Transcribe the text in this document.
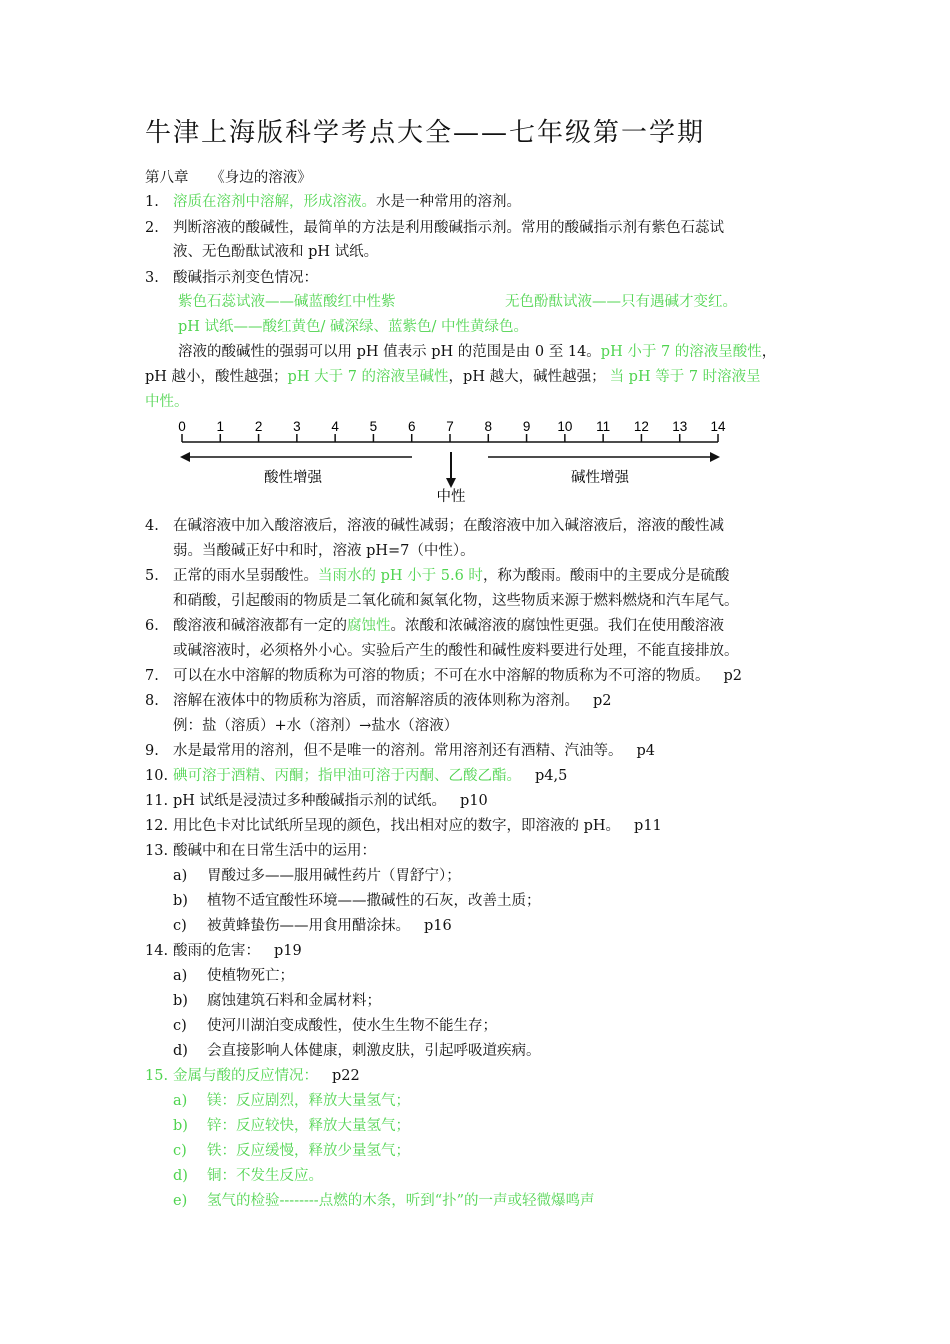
牛津上海版科学考点大全——七年级第一学期
第八章　　《身边的溶液》
1. 溶质在溶剂中溶解，形成溶液。水是一种常用的溶剂。
2. 判断溶液的酸碱性，最简单的方法是利用酸碱指示剂。常用的酸碱指示剂有紫色石蕊试
液、无色酚酞试液和 pH 试纸。
3. 酸碱指示剂变色情况：
紫色石蕊试液——碱蓝酸红中性紫	无色酚酞试液——只有遇碱才变红。
pH 试纸——酸红黄色/ 碱深绿、蓝紫色/ 中性黄绿色。
溶液的酸碱性的强弱可以用 pH 值表示 pH 的范围是由 0 至 14。pH 小于 7 的溶液呈酸性，
pH 越小，酸性越强；pH 大于 7 的溶液呈碱性，pH 越大，碱性越强； 当 pH 等于 7 时溶液呈
中性。
0 1 2 3 4 5 6 7 8 9 10 11 12 13 14
酸性增强	碱性增强
中性
4. 在碱溶液中加入酸溶液后，溶液的碱性减弱；在酸溶液中加入碱溶液后，溶液的酸性减
弱。当酸碱正好中和时，溶液 pH=7（中性）。
5. 正常的雨水呈弱酸性。当雨水的 pH 小于 5.6 时，称为酸雨。酸雨中的主要成分是硫酸
和硝酸，引起酸雨的物质是二氧化硫和氮氧化物，这些物质来源于燃料燃烧和汽车尾气。
6. 酸溶液和碱溶液都有一定的腐蚀性。浓酸和浓碱溶液的腐蚀性更强。我们在使用酸溶液
或碱溶液时，必须格外小心。实验后产生的酸性和碱性废料要进行处理，不能直接排放。
7. 可以在水中溶解的物质称为可溶的物质；不可在水中溶解的物质称为不可溶的物质。 p2
8. 溶解在液体中的物质称为溶质，而溶解溶质的液体则称为溶剂。 p2
例：盐（溶质）+水（溶剂）→盐水（溶液）
9. 水是最常用的溶剂，但不是唯一的溶剂。常用溶剂还有酒精、汽油等。 p4
10. 碘可溶于酒精、丙酮；指甲油可溶于丙酮、乙酸乙酯。 p4,5
11. pH 试纸是浸渍过多种酸碱指示剂的试纸。 p10
12. 用比色卡对比试纸所呈现的颜色，找出相对应的数字，即溶液的 pH。 p11
13. 酸碱中和在日常生活中的运用：
a) 胃酸过多——服用碱性药片（胃舒宁）；
b) 植物不适宜酸性环境——撒碱性的石灰，改善土质；
c) 被黄蜂蛰伤——用食用醋涂抹。 p16
14. 酸雨的危害： p19
a) 使植物死亡；
b) 腐蚀建筑石料和金属材料；
c) 使河川湖泊变成酸性，使水生生物不能生存；
d) 会直接影响人体健康，刺激皮肤，引起呼吸道疾病。
15. 金属与酸的反应情况： p22
a) 镁：反应剧烈，释放大量氢气；
b) 锌：反应较快，释放大量氢气；
c) 铁：反应缓慢，释放少量氢气；
d) 铜：不发生反应。
e) 氢气的检验--------点燃的木条，听到“扑”的一声或轻微爆鸣声
